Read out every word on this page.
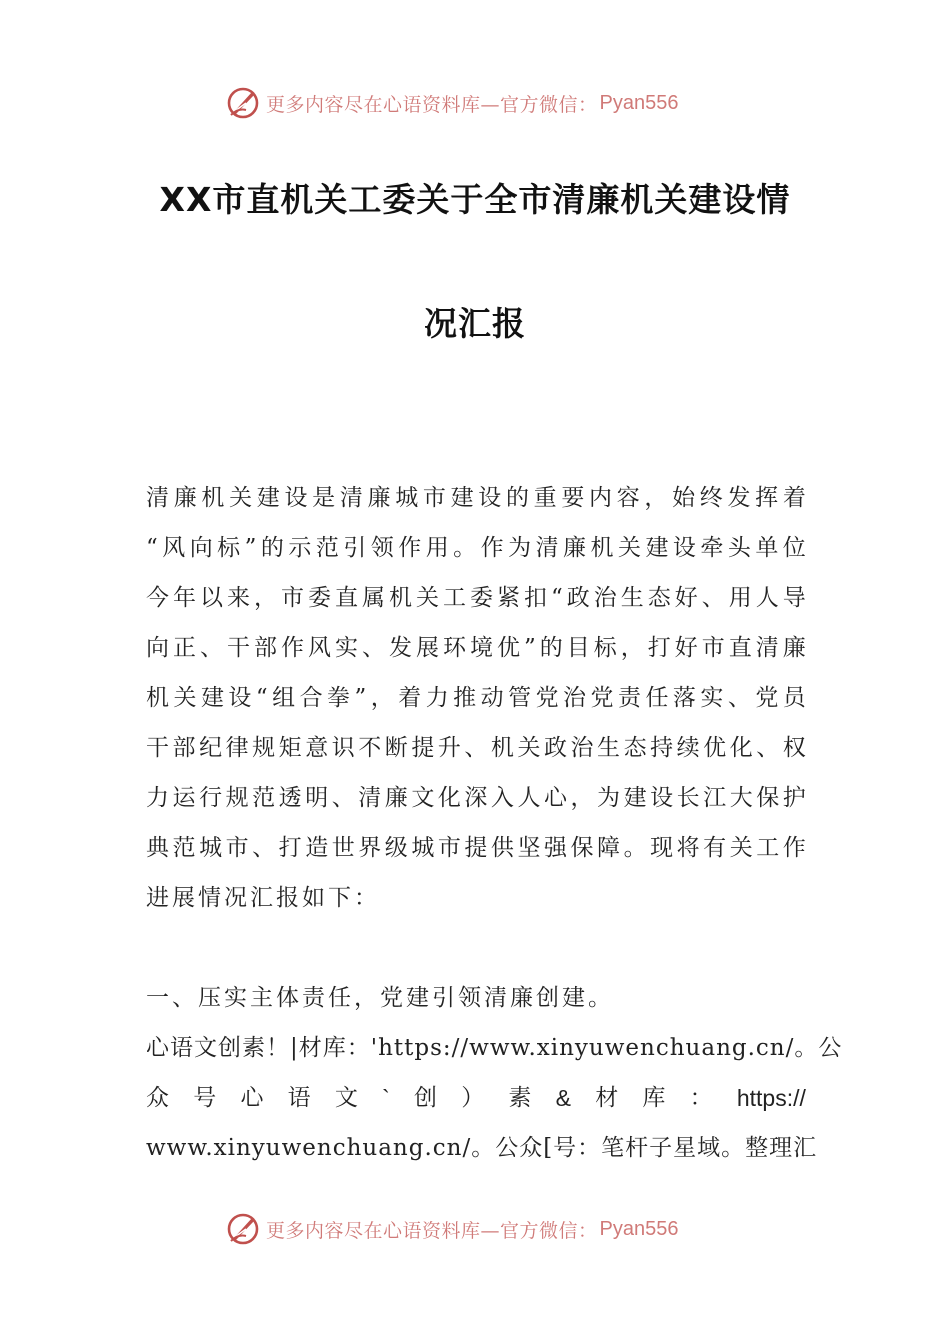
更多内容尽在心语资料库—官方微信： Pyan556
XX市直机关工委关于全市清廉机关建设情
况汇报
清 廉 机 关 建 设 是 清 廉 城 市 建 设 的 重 要 内 容 ， 始 终 发 挥 着
“ 风 向 标 ” 的 示 范 引 领 作 用 。 作 为 清 廉 机 关 建 设 牵 头 单 位
今 年 以 来 ， 市 委 直 属 机 关 工 委 紧 扣 “ 政 治 生 态 好 、 用 人 导
向 正 、 干 部 作 风 实 、 发 展 环 境 优 ” 的 目 标 ， 打 好 市 直 清 廉
机 关 建 设 “ 组 合 拳 ” ， 着 力 推 动 管 党 治 党 责 任 落 实 、 党 员
干 部 纪 律 规 矩 意 识 不 断 提 升 、 机 关 政 治 生 态 持 续 优 化 、 权
力 运 行 规 范 透 明 、 清 廉 文 化 深 入 人 心 ， 为 建 设 长 江 大 保 护
典 范 城 市 、 打 造 世 界 级 城 市 提 供 坚 强 保 障 。 现 将 有 关 工 作
进展情况汇报如下：
一、压实主体责任，党建引领清廉创建。
心语文创素！|材库：'https://www.xinyuwenchuang.cn/。公
众 号 心 语 文 ` 创 ） 素 & 材 库 ： https://
www.xinyuwenchuang.cn/。公众[号：笔杆子星域。整理汇
更多内容尽在心语资料库—官方微信： Pyan556
